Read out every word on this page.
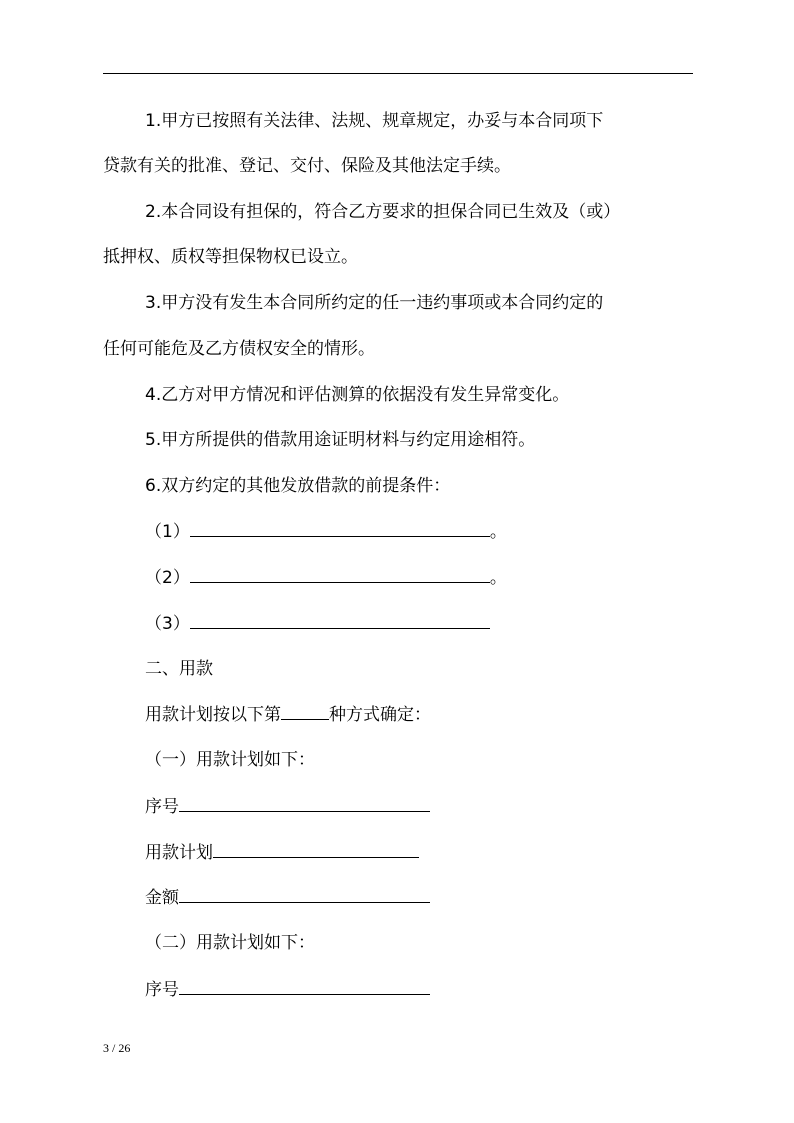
1.甲方已按照有关法律、法规、规章规定，办妥与本合同项下
贷款有关的批准、登记、交付、保险及其他法定手续。
2.本合同设有担保的，符合乙方要求的担保合同已生效及（或）
抵押权、质权等担保物权已设立。
3.甲方没有发生本合同所约定的任一违约事项或本合同约定的
任何可能危及乙方债权安全的情形。
4.乙方对甲方情况和评估测算的依据没有发生异常变化。
5.甲方所提供的借款用途证明材料与约定用途相符。
6.双方约定的其他发放借款的前提条件：
（1）	。
（2）	。
（3）
二、用款
用款计划按以下第	种方式确定：
（一）用款计划如下：
序号
用款计划
金额
（二）用款计划如下：
序号
3 / 26
